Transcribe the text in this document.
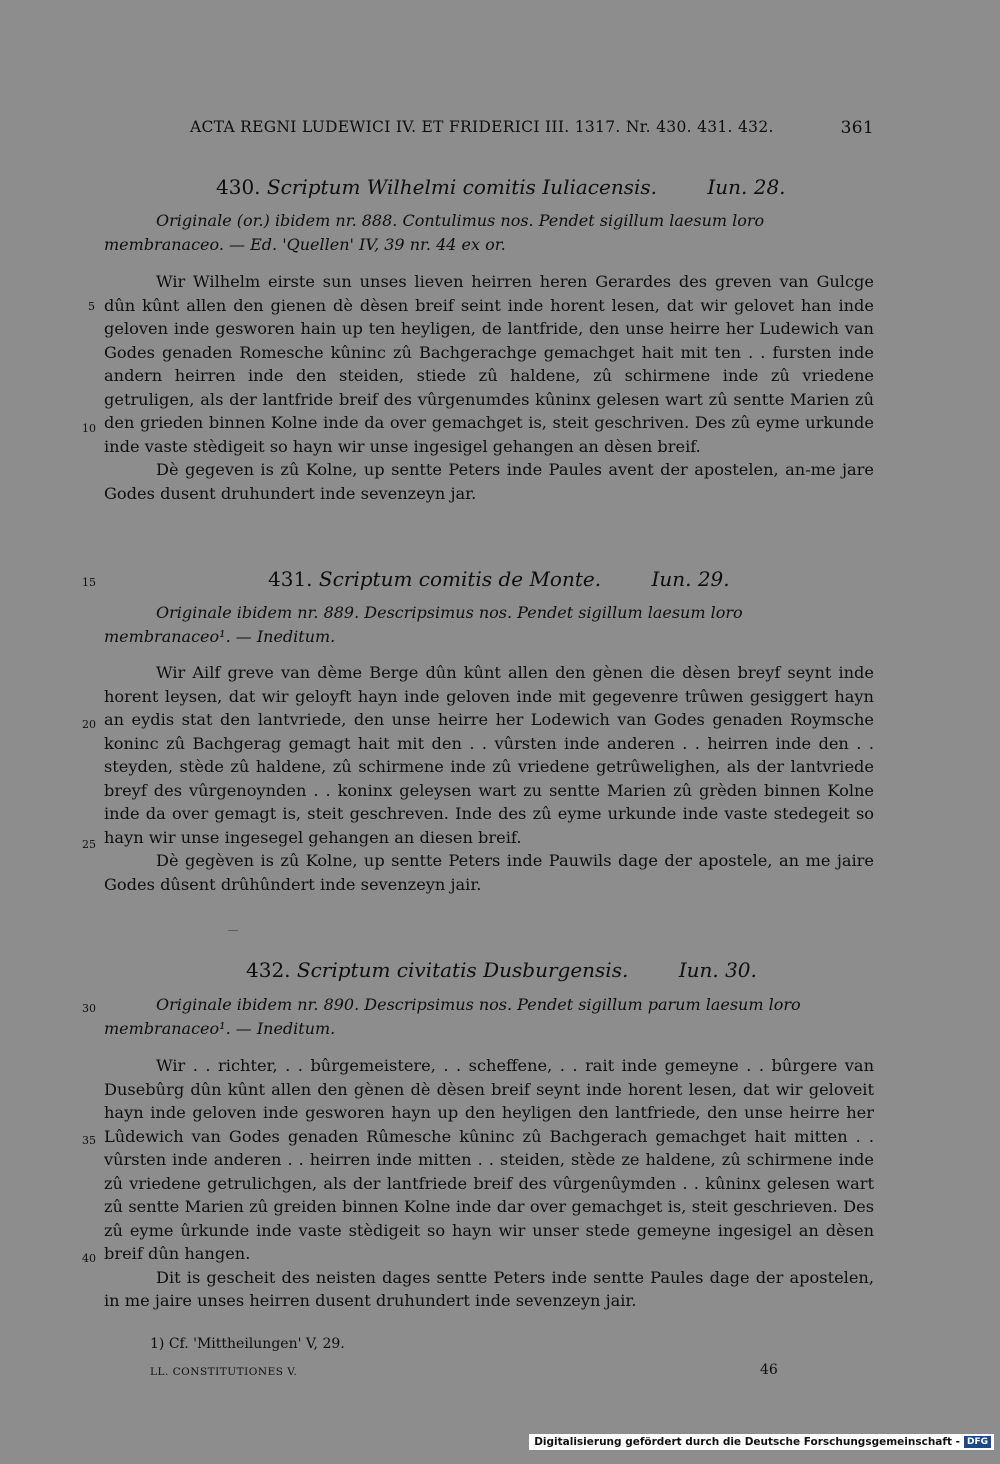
ACTA REGNI LUDEWICI IV. ET FRIDERICI III. 1317. Nr. 430. 431. 432.	361
430. Scriptum Wilhelmi comitis Iuliacensis.	Iun. 28.
Originale (or.) ibidem nr. 888. Contulimus nos. Pendet sigillum laesum loro membranaceo. — Ed. 'Quellen' IV, 39 nr. 44 ex or.

Wir Wilhelm eirste sun unses lieven heirren heren Gerardes des greven van Gulcge dûn kûnt allen den gienen dè dèsen breif seint inde horent lesen, dat wir gelovet han inde geloven inde gesworen hain up ten heyligen, de lantfride, den unse heirre her Ludewich van Godes genaden Romesche kûninc zû Bachgerachge gemachget hait mit ten . . fursten inde andern heirren inde den steiden, stiede zû haldene, zû schirmene inde zû vriedene getruligen, als der lantfride breif des vûrgenumdes kûninx gelesen wart zû sentte Marien zû den grieden binnen Kolne inde da over gemachget is, steit geschriven. Des zû eyme urkunde inde vaste stèdigeit so hayn wir unse ingesigel gehangen an dèsen breif.

Dè gegeven is zû Kolne, up sentte Peters inde Paules avent der apostelen, an-me jare Godes dusent druhundert inde sevenzeyn jar.

431. Scriptum comitis de Monte.	Iun. 29.
Originale ibidem nr. 889. Descripsimus nos. Pendet sigillum laesum loro membranaceo¹. — Ineditum.

Wir Ailf greve van dème Berge dûn kûnt allen den gènen die dèsen breyf seynt inde horent leysen, dat wir geloyft hayn inde geloven inde mit gegevenre trûwen gesiggert hayn an eydis stat den lantvriede, den unse heirre her Lodewich van Godes genaden Roymsche koninc zû Bachgerag gemagt hait mit den . . vûrsten inde anderen . . heirren inde den . . steyden, stède zû haldene, zû schirmene inde zû vriedene getrûwelighen, als der lantvriede breyf des vûrgenoynden . . koninx geleysen wart zu sentte Marien zû grèden binnen Kolne inde da over gemagt is, steit geschreven. Inde des zû eyme urkunde inde vaste stedegeit so hayn wir unse ingesegel gehangen an diesen breif.

Dè gegèven is zû Kolne, up sentte Peters inde Pauwils dage der apostele, an me jaire Godes dûsent drûhûndert inde sevenzeyn jair.

432. Scriptum civitatis Dusburgensis.	Iun. 30.
Originale ibidem nr. 890. Descripsimus nos. Pendet sigillum parum laesum loro membranaceo¹. — Ineditum.

Wir . . richter, . . bûrgemeistere, . . scheffene, . . rait inde gemeyne . . bûrgere van Dusebûrg dûn kûnt allen den gènen dè dèsen breif seynt inde horent lesen, dat wir geloveit hayn inde geloven inde gesworen hayn up den heyligen den lantfriede, den unse heirre her Lûdewich van Godes genaden Rûmesche kûninc zû Bachgerach gemachget hait mitten . . vûrsten inde anderen . . heirren inde mitten . . steiden, stède ze haldene, zû schirmene inde zû vriedene getrulichgen, als der lantfriede breif des vûrgenûymden . . kûninx gelesen wart zû sentte Marien zû greiden binnen Kolne inde dar over gemachget is, steit geschrieven. Des zû eyme ûrkunde inde vaste stèdigeit so hayn wir unser stede gemeyne ingesigel an dèsen breif dûn hangen.

Dit is gescheit des neisten dages sentte Peters inde sentte Paules dage der apostelen, in me jaire unses heirren dusent druhundert inde sevenzeyn jair.

5
10
15
20
25
30
35
40
1) Cf. 'Mittheilungen' V, 29.
LL. CONSTITUTIONES V.	46
Digitalisierung gefördert durch die Deutsche Forschungsgemeinschaft - DFG
